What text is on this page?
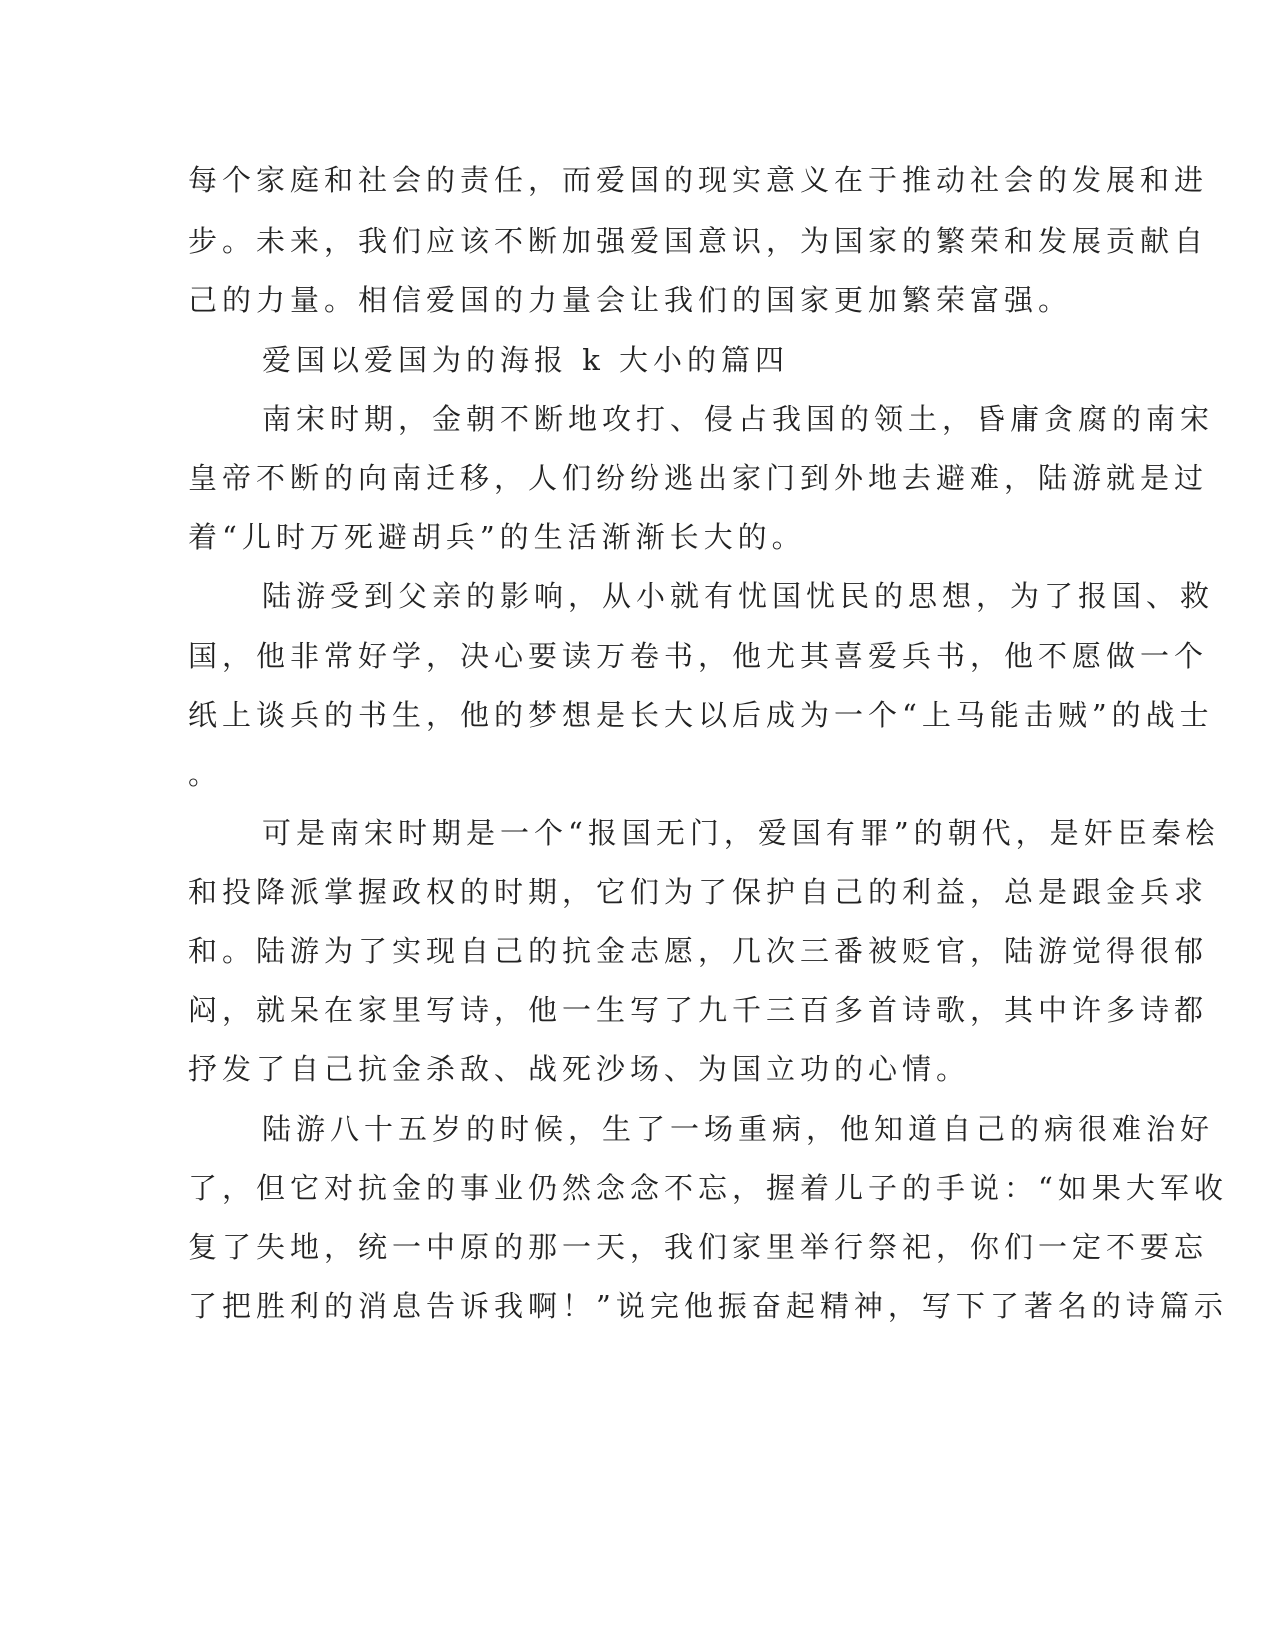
每个家庭和社会的责任，而爱国的现实意义在于推动社会的发展和进
步。未来，我们应该不断加强爱国意识，为国家的繁荣和发展贡献自
己的力量。相信爱国的力量会让我们的国家更加繁荣富强。
爱国以爱国为的海报 k 大小的篇四
南宋时期，金朝不断地攻打、侵占我国的领土，昏庸贪腐的南宋
皇帝不断的向南迁移，人们纷纷逃出家门到外地去避难，陆游就是过
着“儿时万死避胡兵”的生活渐渐长大的。
陆游受到父亲的影响，从小就有忧国忧民的思想，为了报国、救
国，他非常好学，决心要读万卷书，他尤其喜爱兵书，他不愿做一个
纸上谈兵的书生，他的梦想是长大以后成为一个“上马能击贼”的战士
。
可是南宋时期是一个“报国无门，爱国有罪”的朝代，是奸臣秦桧
和投降派掌握政权的时期，它们为了保护自己的利益，总是跟金兵求
和。陆游为了实现自己的抗金志愿，几次三番被贬官，陆游觉得很郁
闷，就呆在家里写诗，他一生写了九千三百多首诗歌，其中许多诗都
抒发了自己抗金杀敌、战死沙场、为国立功的心情。
陆游八十五岁的时候，生了一场重病，他知道自己的病很难治好
了，但它对抗金的事业仍然念念不忘，握着儿子的手说：“如果大军收
复了失地，统一中原的那一天，我们家里举行祭祀，你们一定不要忘
了把胜利的消息告诉我啊！”说完他振奋起精神，写下了著名的诗篇示
